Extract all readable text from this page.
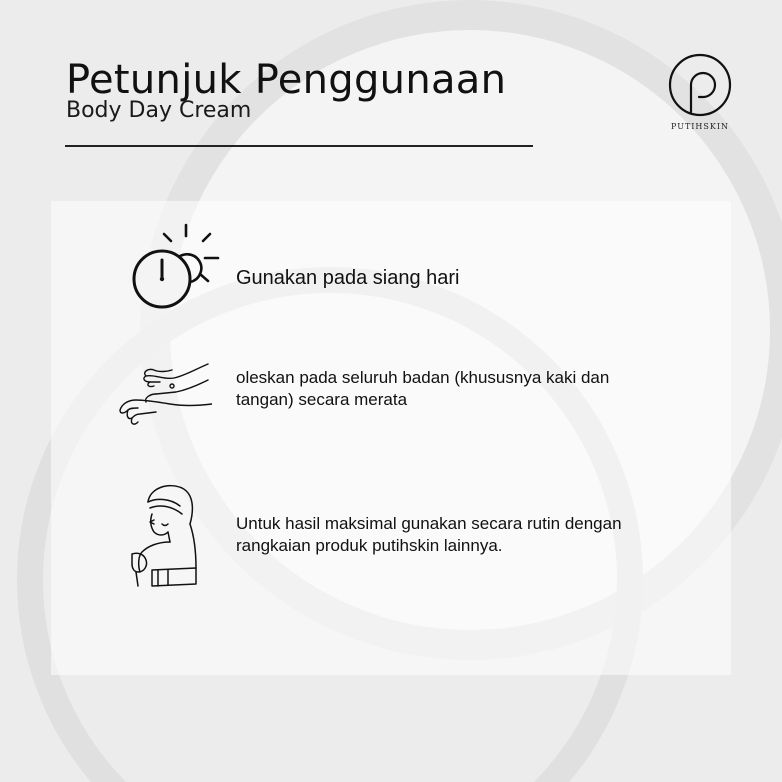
Petunjuk Penggunaan
Body Day Cream
PUTIHSKIN

Gunakan pada siang hari

oleskan pada seluruh badan (khususnya kaki dan tangan) secara merata

Untuk hasil maksimal gunakan secara rutin dengan rangkaian produk putihskin lainnya.
